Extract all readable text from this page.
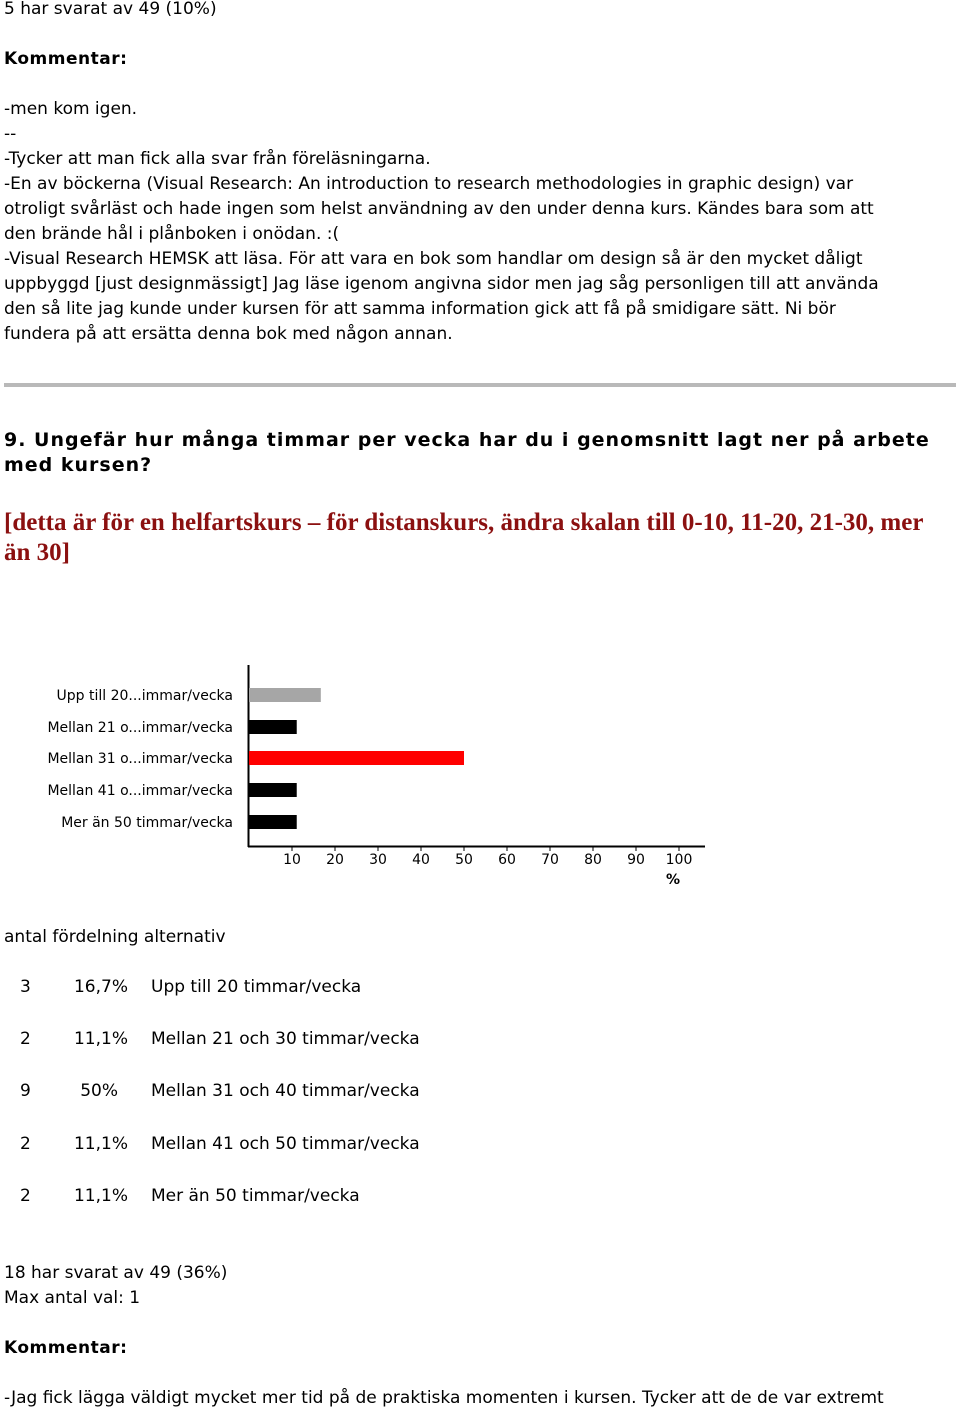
5 har svarat av 49 (10%)
Kommentar:
-men kom igen.
--
-Tycker att man fick alla svar från föreläsningarna.
-En av böckerna (Visual Research: An introduction to research methodologies in graphic design) var
otroligt svårläst och hade ingen som helst användning av den under denna kurs. Kändes bara som att
den brände hål i plånboken i onödan. :(
-Visual Research HEMSK att läsa. För att vara en bok som handlar om design så är den mycket dåligt
uppbyggd [just designmässigt] Jag läse igenom angivna sidor men jag såg personligen till att använda
den så lite jag kunde under kursen för att samma information gick att få på smidigare sätt. Ni bör
fundera på att ersätta denna bok med någon annan.
9. Ungefär hur många timmar per vecka har du i genomsnitt lagt ner på arbete med kursen?
[detta är för en helfartskurs – för distanskurs, ändra skalan till 0-10, 11-20, 21-30, mer än 30]
Upp till 20...immar/vecka
Mellan 21 o...immar/vecka
Mellan 31 o...immar/vecka
Mellan 41 o...immar/vecka
Mer än 50 timmar/vecka
10 20 30 40 50 60 70 80 90 100
%
antal fördelning alternativ
3	16,7% Upp till 20 timmar/vecka
2	11,1% Mellan 21 och 30 timmar/vecka
9	50% Mellan 31 och 40 timmar/vecka
2	11,1% Mellan 41 och 50 timmar/vecka
2	11,1% Mer än 50 timmar/vecka
18 har svarat av 49 (36%)
Max antal val: 1
Kommentar:
-Jag fick lägga väldigt mycket mer tid på de praktiska momenten i kursen. Tycker att de de var extremt
